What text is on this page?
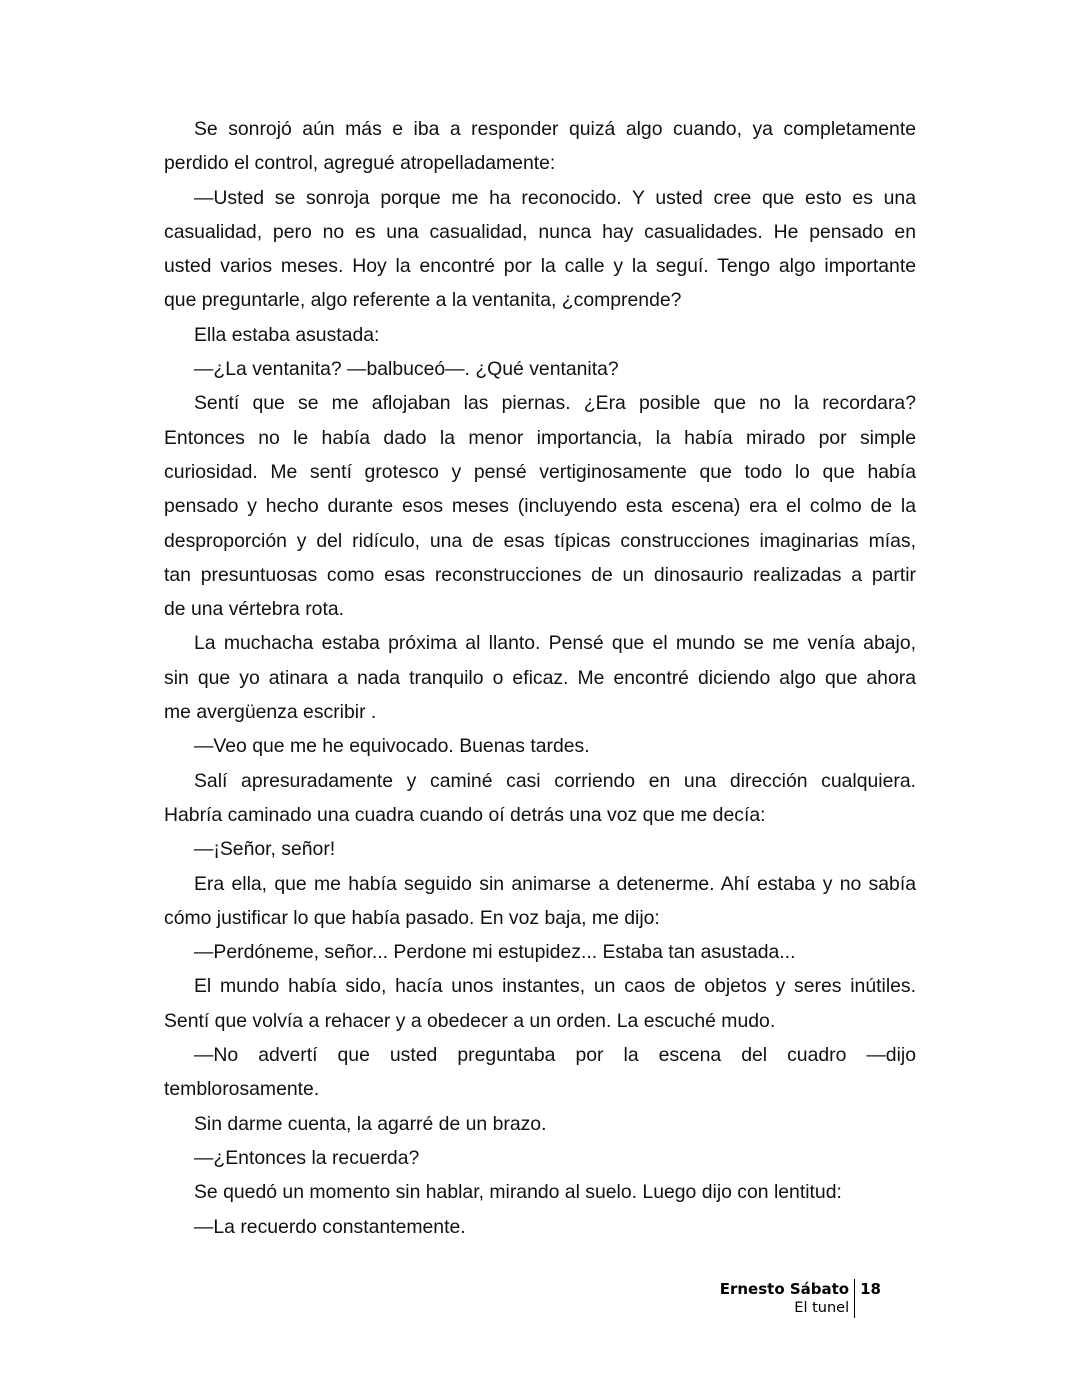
Se sonrojó aún más e iba a responder quizá algo cuando, ya completamente
perdido el control, agregué atropelladamente:
—Usted se sonroja porque me ha reconocido. Y usted cree que esto es una
casualidad, pero no es una casualidad, nunca hay casualidades. He pensado en
usted varios meses. Hoy la encontré por la calle y la seguí. Tengo algo importante
que preguntarle, algo referente a la ventanita, ¿comprende?
Ella estaba asustada:
—¿La ventanita? —balbuceó—. ¿Qué ventanita?
Sentí que se me aflojaban las piernas. ¿Era posible que no la recordara?
Entonces no le había dado la menor importancia, la había mirado por simple
curiosidad. Me sentí grotesco y pensé vertiginosamente que todo lo que había
pensado y hecho durante esos meses (incluyendo esta escena) era el colmo de la
desproporción y del ridículo, una de esas típicas construcciones imaginarias mías,
tan presuntuosas como esas reconstrucciones de un dinosaurio realizadas a partir
de una vértebra rota.
La muchacha estaba próxima al llanto. Pensé que el mundo se me venía abajo,
sin que yo atinara a nada tranquilo o eficaz. Me encontré diciendo algo que ahora
me avergüenza escribir .
—Veo que me he equivocado. Buenas tardes.
Salí apresuradamente y caminé casi corriendo en una dirección cualquiera.
Habría caminado una cuadra cuando oí detrás una voz que me decía:
—¡Señor, señor!
Era ella, que me había seguido sin animarse a detenerme. Ahí estaba y no sabía
cómo justificar lo que había pasado. En voz baja, me dijo:
—Perdóneme, señor... Perdone mi estupidez... Estaba tan asustada...
El mundo había sido, hacía unos instantes, un caos de objetos y seres inútiles.
Sentí que volvía a rehacer y a obedecer a un orden. La escuché mudo.
—No advertí que usted preguntaba por la escena del cuadro —dijo
temblorosamente.
Sin darme cuenta, la agarré de un brazo.
—¿Entonces la recuerda?
Se quedó un momento sin hablar, mirando al suelo. Luego dijo con lentitud:
—La recuerdo constantemente.
Ernesto Sábato
El tunel
18
